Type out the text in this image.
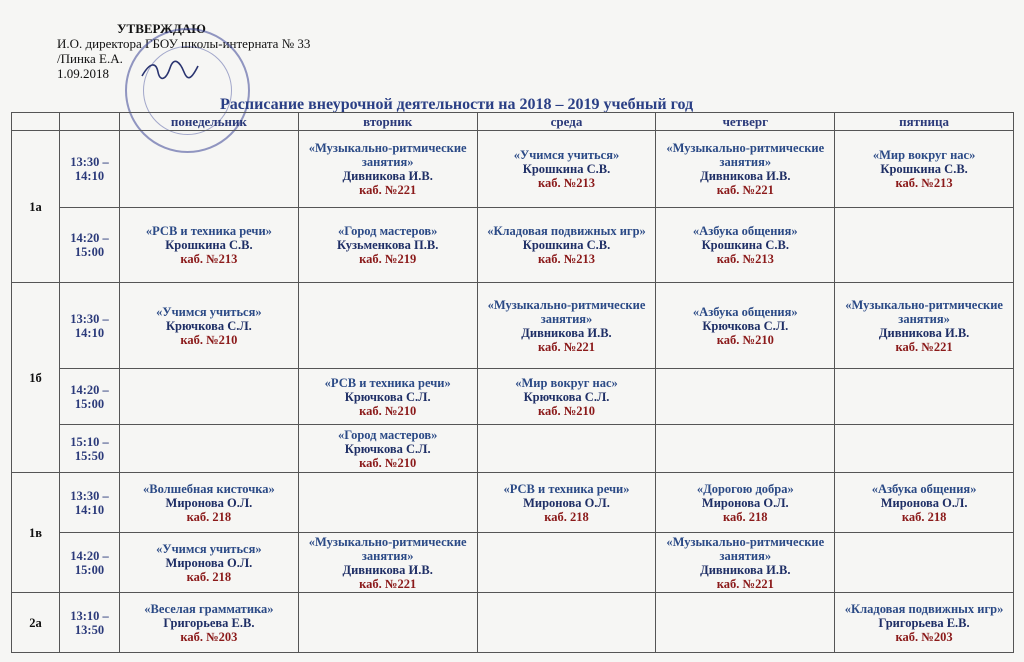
УТВЕРЖДАЮ
И.О. директора ГБОУ школы-интерната № 33
/Пинка Е.А.
1.09.2018
Расписание внеурочной деятельности на 2018 – 2019 учебный год
		понедельник	вторник	среда	четверг	пятница
1а	13:30 – 14:10		«Музыкально-ритмические занятия»
Дивникова И.В.
каб. №221	«Учимся учиться»
Крошкина С.В.
каб. №213	«Музыкально-ритмические занятия»
Дивникова И.В.
каб. №221	«Мир вокруг нас»
Крошкина С.В.
каб. №213

	14:20 – 15:00	«РСВ и техника речи»
Крошкина С.В.
каб. №213	«Город мастеров»
Кузьменкова П.В.
каб. №219	«Кладовая подвижных игр»
Крошкина С.В.
каб. №213	«Азбука общения»
Крошкина С.В.
каб. №213	

1б	13:30 – 14:10	«Учимся учиться»
Крючкова С.Л.
каб. №210		«Музыкально-ритмические занятия»
Дивникова И.В.
каб. №221	«Азбука общения»
Крючкова С.Л.
каб. №210	«Музыкально-ритмические занятия»
Дивникова И.В.
каб. №221

	14:20 – 15:00		«РСВ и техника речи»
Крючкова С.Л.
каб. №210	«Мир вокруг нас»
Крючкова С.Л.
каб. №210		

	15:10 – 15:50		«Город мастеров»
Крючкова С.Л.
каб. №210			

1в	13:30 – 14:10	«Волшебная кисточка»
Миронова О.Л.
каб. 218		«РСВ и техника речи»
Миронова О.Л.
каб. 218	«Дорогою добра»
Миронова О.Л.
каб. 218	«Азбука общения»
Миронова О.Л.
каб. 218

	14:20 – 15:00	«Учимся учиться»
Миронова О.Л.
каб. 218	«Музыкально-ритмические занятия»
Дивникова И.В.
каб. №221		«Музыкально-ритмические занятия»
Дивникова И.В.
каб. №221	

2а	13:10 – 13:50	«Веселая грамматика»
Григорьева Е.В.
каб. №203				«Кладовая подвижных игр»
Григорьева Е.В.
каб. №203
